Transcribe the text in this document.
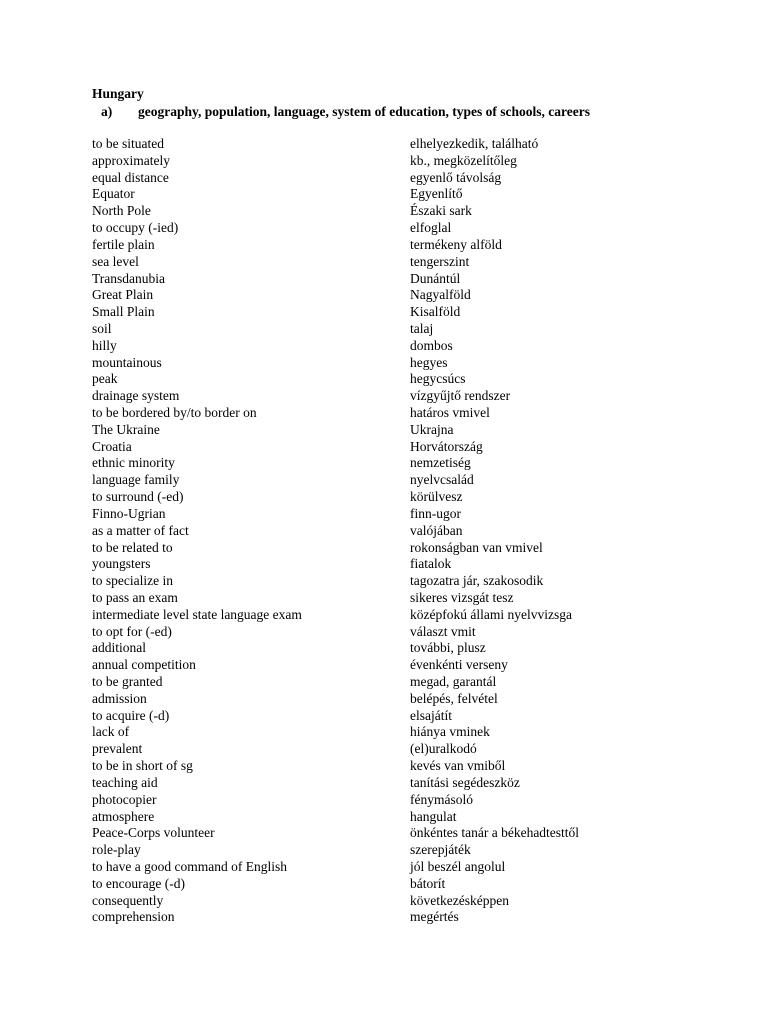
Hungary
a) geography, population, language, system of education, types of schools, careers
to be situated	elhelyezkedik, található
approximately	kb., megközelítőleg
equal distance	egyenlő távolság
Equator	Egyenlítő
North Pole	Északi sark
to occupy (-ied)	elfoglal
fertile plain	termékeny alföld
sea level	tengerszint
Transdanubia	Dunántúl
Great Plain	Nagyalföld
Small Plain	Kisalföld
soil	talaj
hilly	dombos
mountainous	hegyes
peak	hegycsúcs
drainage system	vízgyűjtő rendszer
to be bordered by/to border on	határos vmivel
The Ukraine	Ukrajna
Croatia	Horvátország
ethnic minority	nemzetiség
language family	nyelvcsalád
to surround (-ed)	körülvesz
Finno-Ugrian	finn-ugor
as a matter of fact	valójában
to be related to	rokonságban van vmivel
youngsters	fiatalok
to specialize in	tagozatra jár, szakosodik
to pass an exam	sikeres vizsgát tesz
intermediate level state language exam	középfokú állami nyelvvizsga
to opt for (-ed)	választ vmit
additional	további, plusz
annual competition	évenkénti verseny
to be granted	megad, garantál
admission	belépés, felvétel
to acquire (-d)	elsajátít
lack of	hiánya vminek
prevalent	(el)uralkodó
to be in short of sg	kevés van vmiből
teaching aid	tanítási segédeszköz
photocopier	fénymásoló
atmosphere	hangulat
Peace-Corps volunteer	önkéntes tanár a békehadtesttől
role-play	szerepjáték
to have a good command of English	jól beszél angolul
to encourage (-d)	bátorít
consequently	következésképpen
comprehension	megértés
